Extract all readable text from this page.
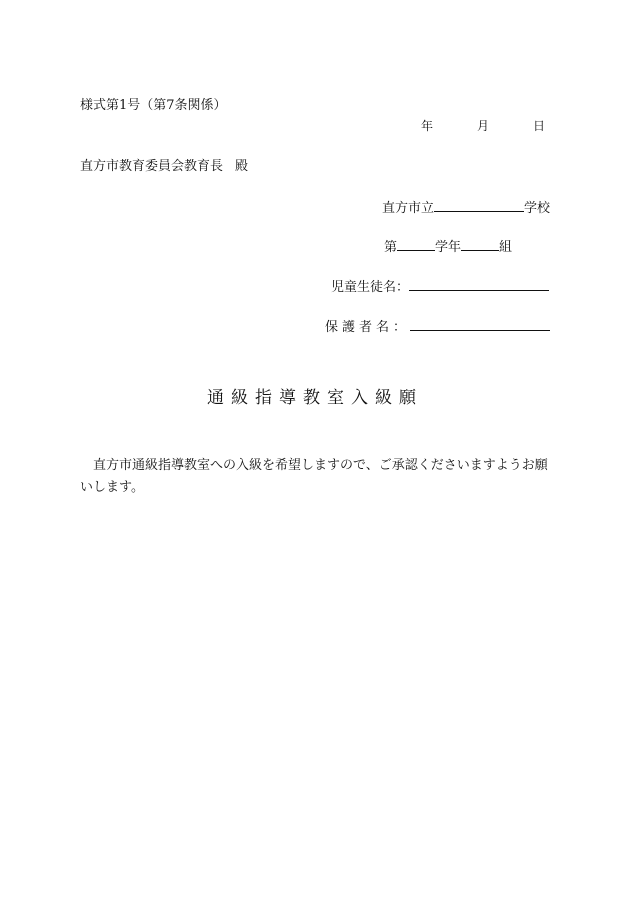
様式第1号（第7条関係）
年	月	日
直方市教育委員会教育長 殿
直方市立	学校
第	学年	組
児童生徒名：
保護者名：
通級指導教室入級願
直方市通級指導教室への入級を希望しますので、ご承認くださいますようお願いします。
